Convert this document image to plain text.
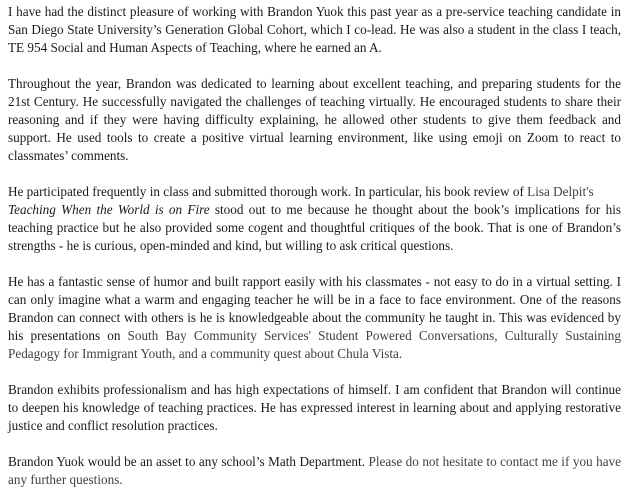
I have had the distinct pleasure of working with Brandon Yuok this past year as a pre-service teaching candidate in San Diego State University’s Generation Global Cohort, which I co-lead. He was also a student in the class I teach, TE 954 Social and Human Aspects of Teaching, where he earned an A.

Throughout the year, Brandon was dedicated to learning about excellent teaching, and preparing students for the 21st Century. He successfully navigated the challenges of teaching virtually. He encouraged students to share their reasoning and if they were having difficulty explaining, he allowed other students to give them feedback and support. He used tools to create a positive virtual learning environment, like using emoji on Zoom to react to classmates’ comments.

He participated frequently in class and submitted thorough work. In particular, his book review of Lisa Delpit's
Teaching When the World is on Fire stood out to me because he thought about the book’s implications for his teaching practice but he also provided some cogent and thoughtful critiques of the book. That is one of Brandon’s strengths - he is curious, open-minded and kind, but willing to ask critical questions.

He has a fantastic sense of humor and built rapport easily with his classmates - not easy to do in a virtual setting. I can only imagine what a warm and engaging teacher he will be in a face to face environment. One of the reasons Brandon can connect with others is he is knowledgeable about the community he taught in. This was evidenced by his presentations on South Bay Community Services' Student Powered Conversations, Culturally Sustaining Pedagogy for Immigrant Youth, and a community quest about Chula Vista.

Brandon exhibits professionalism and has high expectations of himself. I am confident that Brandon will continue to deepen his knowledge of teaching practices. He has expressed interest in learning about and applying restorative justice and conflict resolution practices.

Brandon Yuok would be an asset to any school’s Math Department. Please do not hesitate to contact me if you have any further questions.
